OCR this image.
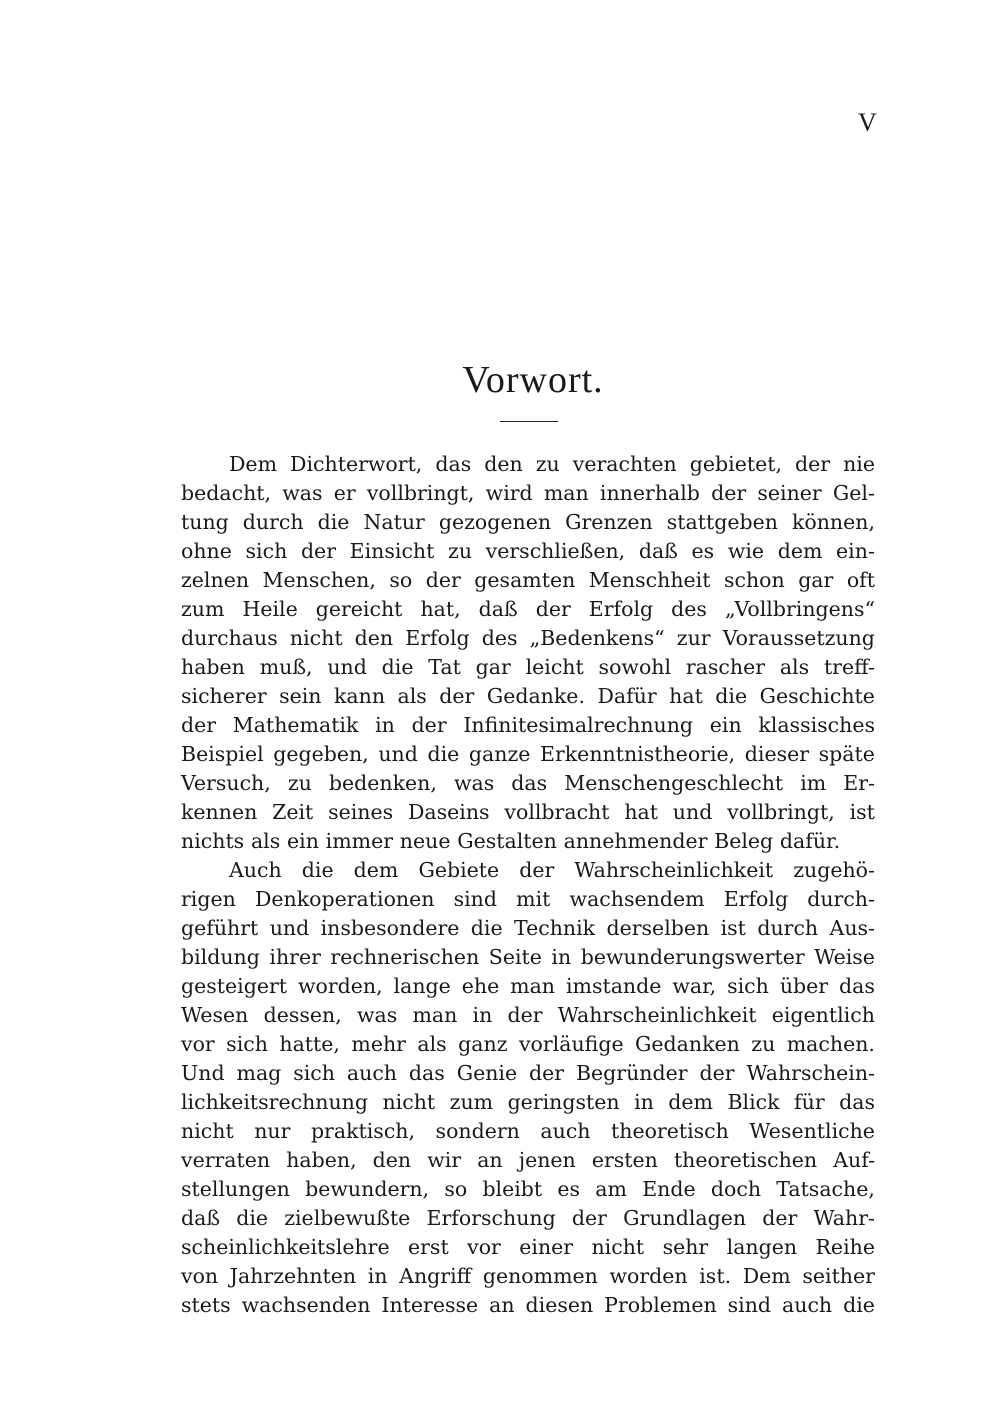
V
Vorwort.
Dem Dichterwort, das den zu verachten gebietet, der nie
bedacht, was er vollbringt, wird man innerhalb der seiner Gel-
tung durch die Natur gezogenen Grenzen stattgeben können,
ohne sich der Einsicht zu verschließen, daß es wie dem ein-
zelnen Menschen, so der gesamten Menschheit schon gar oft
zum Heile gereicht hat, daß der Erfolg des „Vollbringens“
durchaus nicht den Erfolg des „Bedenkens“ zur Voraussetzung
haben muß, und die Tat gar leicht sowohl rascher als treff-
sicherer sein kann als der Gedanke. Dafür hat die Geschichte
der Mathematik in der Infinitesimalrechnung ein klassisches
Beispiel gegeben, und die ganze Erkenntnistheorie, dieser späte
Versuch, zu bedenken, was das Menschengeschlecht im Er-
kennen Zeit seines Daseins vollbracht hat und vollbringt, ist
nichts als ein immer neue Gestalten annehmender Beleg dafür.
Auch die dem Gebiete der Wahrscheinlichkeit zugehö-
rigen Denkoperationen sind mit wachsendem Erfolg durch-
geführt und insbesondere die Technik derselben ist durch Aus-
bildung ihrer rechnerischen Seite in bewunderungswerter Weise
gesteigert worden, lange ehe man imstande war, sich über das
Wesen dessen, was man in der Wahrscheinlichkeit eigentlich
vor sich hatte, mehr als ganz vorläufige Gedanken zu machen.
Und mag sich auch das Genie der Begründer der Wahrschein-
lichkeitsrechnung nicht zum geringsten in dem Blick für das
nicht nur praktisch, sondern auch theoretisch Wesentliche
verraten haben, den wir an jenen ersten theoretischen Auf-
stellungen bewundern, so bleibt es am Ende doch Tatsache,
daß die zielbewußte Erforschung der Grundlagen der Wahr-
scheinlichkeitslehre erst vor einer nicht sehr langen Reihe
von Jahrzehnten in Angriff genommen worden ist. Dem seither
stets wachsenden Interesse an diesen Problemen sind auch die
